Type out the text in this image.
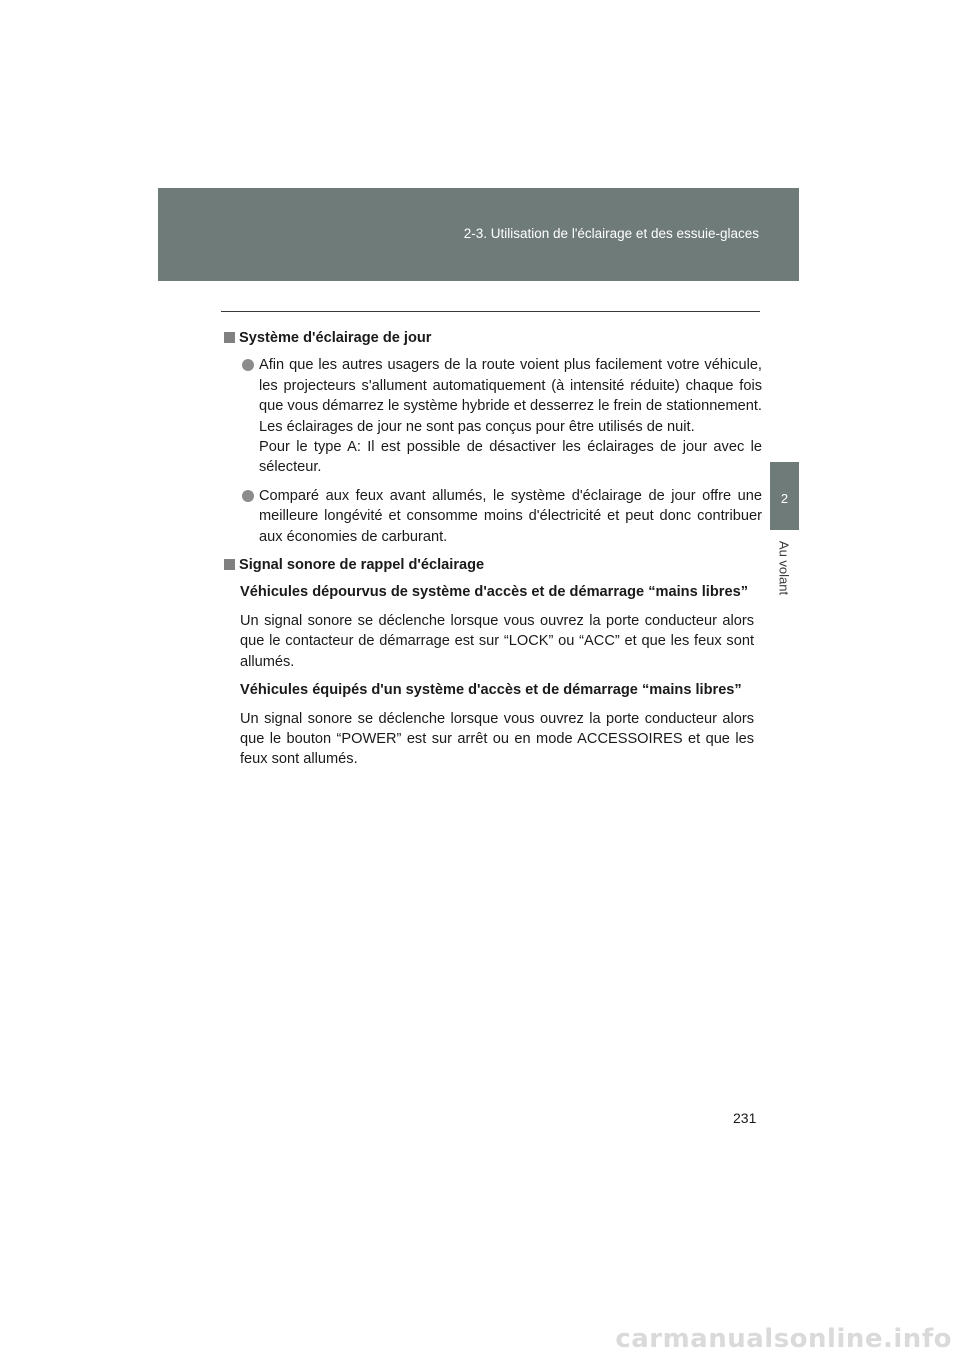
2-3. Utilisation de l'éclairage et des essuie-glaces
2
Au volant
Système d'éclairage de jour

Afin que les autres usagers de la route voient plus facilement votre véhicule, les projecteurs s'allument automatiquement (à intensité réduite) chaque fois que vous démarrez le système hybride et desserrez le frein de stationnement. Les éclairages de jour ne sont pas conçus pour être utilisés de nuit.

Pour le type A: Il est possible de désactiver les éclairages de jour avec le sélecteur.

Comparé aux feux avant allumés, le système d'éclairage de jour offre une meilleure longévité et consomme moins d'électricité et peut donc contribuer aux économies de carburant.

Signal sonore de rappel d'éclairage
Véhicules dépourvus de système d'accès et de démarrage “mains libres”
Un signal sonore se déclenche lorsque vous ouvrez la porte conducteur alors que le contacteur de démarrage est sur “LOCK” ou “ACC” et que les feux sont allumés.
Véhicules équipés d'un système d'accès et de démarrage “mains libres”
Un signal sonore se déclenche lorsque vous ouvrez la porte conducteur alors que le bouton “POWER” est sur arrêt ou en mode ACCESSOIRES et que les feux sont allumés.
231
carmanualsonline.info
